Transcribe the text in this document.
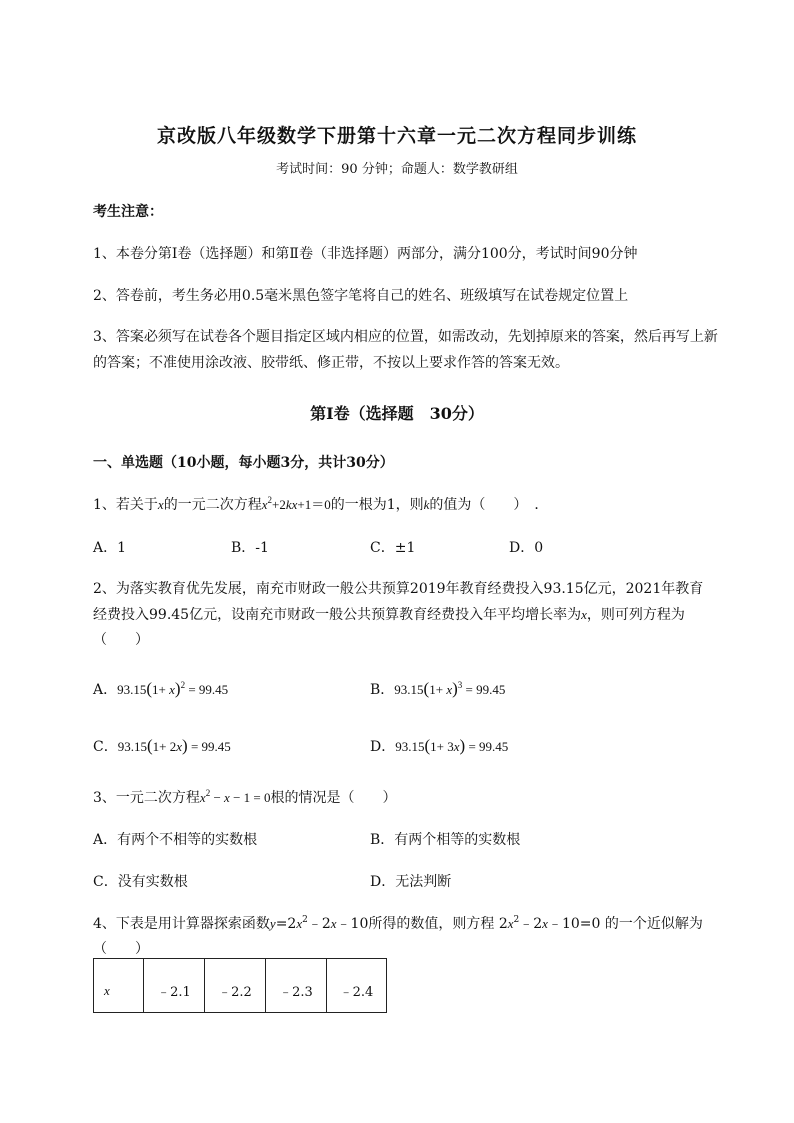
京改版八年级数学下册第十六章一元二次方程同步训练
考试时间：90 分钟；命题人：数学教研组
考生注意：
1、本卷分第Ⅰ卷（选择题）和第Ⅱ卷（非选择题）两部分，满分100分，考试时间90分钟
2、答卷前，考生务必用0.5毫米黑色签字笔将自己的姓名、班级填写在试卷规定位置上
3、答案必须写在试卷各个题目指定区域内相应的位置，如需改动，先划掉原来的答案，然后再写上新
的答案；不准使用涂改液、胶带纸、修正带，不按以上要求作答的答案无效。
第Ⅰ卷（选择题　30分）
一、单选题（10小题，每小题3分，共计30分）
1、若关于x的一元二次方程$x^2+2kx+1=0$的一根为1，则k的值为（　　）　．
A．1	B．-1	C．±1	D．0
2、为落实教育优先发展，南充市财政一般公共预算2019年教育经费投入93.15亿元，2021年教育
经费投入99.45亿元，设南充市财政一般公共预算教育经费投入年平均增长率为x，则可列方程为
（　　）
A．$93.15(1+ x)^2 = 99.45$	B．$93.15(1+ x)^3 = 99.45$
C．93.15(1+ 2x) = 99.45	D．93.15(1+ 3x) = 99.45
3、一元二次方程$x^2 - x - 1 = 0$根的情况是（　　）
A．有两个不相等的实数根	B．有两个相等的实数根
C．没有实数根	D．无法判断
4、下表是用计算器探索函数$y=2x^2﹣2x﹣10$所得的数值，则方程 $2x^2﹣2x﹣10=0$ 的一个近似解为
（　　）
x	﹣2.1	﹣2.2	﹣2.3	﹣2.4
